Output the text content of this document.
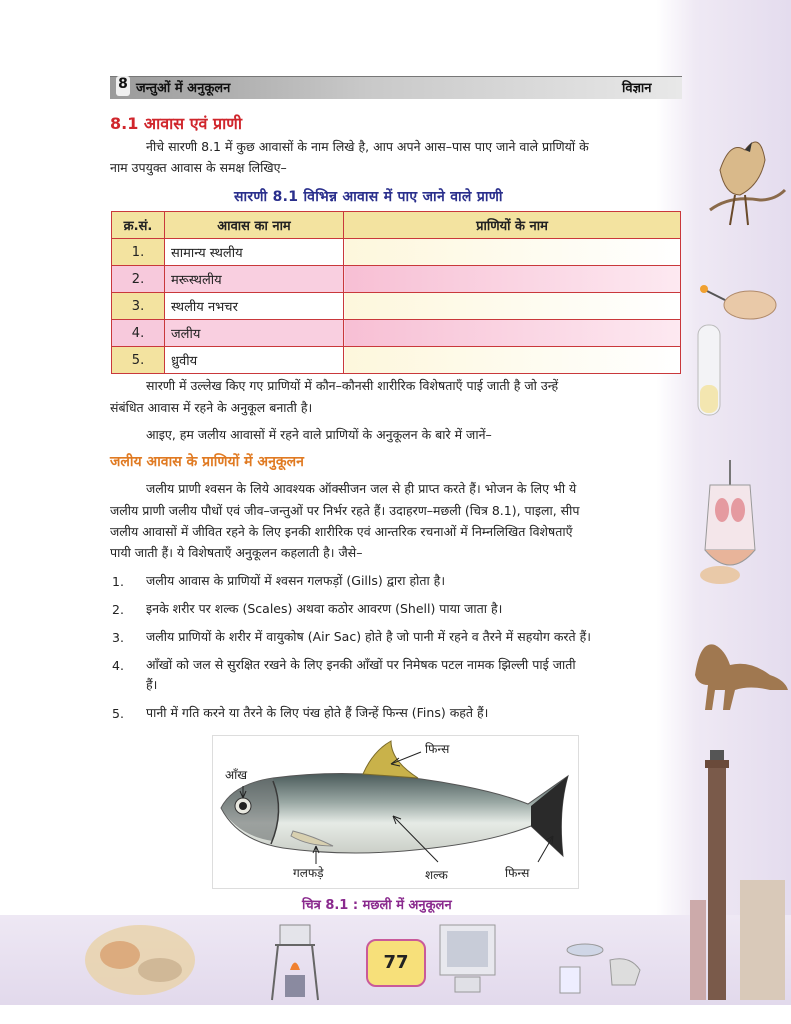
8 जन्तुओं में अनुकूलन	विज्ञान
8.1 आवास एवं प्राणी
नीचे सारणी 8.1 में कुछ आवासों के नाम लिखे है, आप अपने आस–पास पाए जाने वाले प्राणियों के
नाम उपयुक्त आवास के समक्ष लिखिए–
सारणी 8.1 विभिन्न आवास में पाए जाने वाले प्राणी
क्र.सं.	आवास का नाम	प्राणियों के नाम
1.	सामान्य स्थलीय	
2.	मरूस्थलीय	
3.	स्थलीय नभचर	
4.	जलीय	
5.	ध्रुवीय	
सारणी में उल्लेख किए गए प्राणियों में कौन–कौनसी शारीरिक विशेषताएँ पाई जाती है जो उन्हें
संबंधित आवास में रहने के अनुकूल बनाती है।
आइए, हम जलीय आवासों में रहने वाले प्राणियों के अनुकूलन के बारे में जानें–
जलीय आवास के प्राणियों में अनुकूलन
जलीय प्राणी श्वसन के लिये आवश्यक ऑक्सीजन जल से ही प्राप्त करते हैं। भोजन के लिए भी ये
जलीय प्राणी जलीय पौधों एवं जीव–जन्तुओं पर निर्भर रहते हैं। उदाहरण–मछली (चित्र 8.1), पाइला, सीप
जलीय आवासों में जीवित रहने के लिए इनकी शारीरिक एवं आन्तरिक रचनाओं में निम्नलिखित विशेषताएँ
पायी जाती हैं। ये विशेषताएँ अनुकूलन कहलाती है। जैसे–
1. जलीय आवास के प्राणियों में श्वसन गलफड़ों (Gills) द्वारा होता है।
2. इनके शरीर पर शल्क (Scales) अथवा कठोर आवरण (Shell) पाया जाता है।
3. जलीय प्राणियों के शरीर में वायुकोष (Air Sac) होते है जो पानी में रहने व तैरने में सहयोग करते हैं।
4. आँखों को जल से सुरक्षित रखने के लिए इनकी आँखों पर निमेषक पटल नामक झिल्ली पाई जाती
हैं।
5. पानी में गति करने या तैरने के लिए पंख होते हैं जिन्हें फिन्स (Fins) कहते हैं।
फिन्स
आँख
गलफड़े	शल्क	फिन्स
चित्र 8.1 : मछली में अनुकूलन
77
